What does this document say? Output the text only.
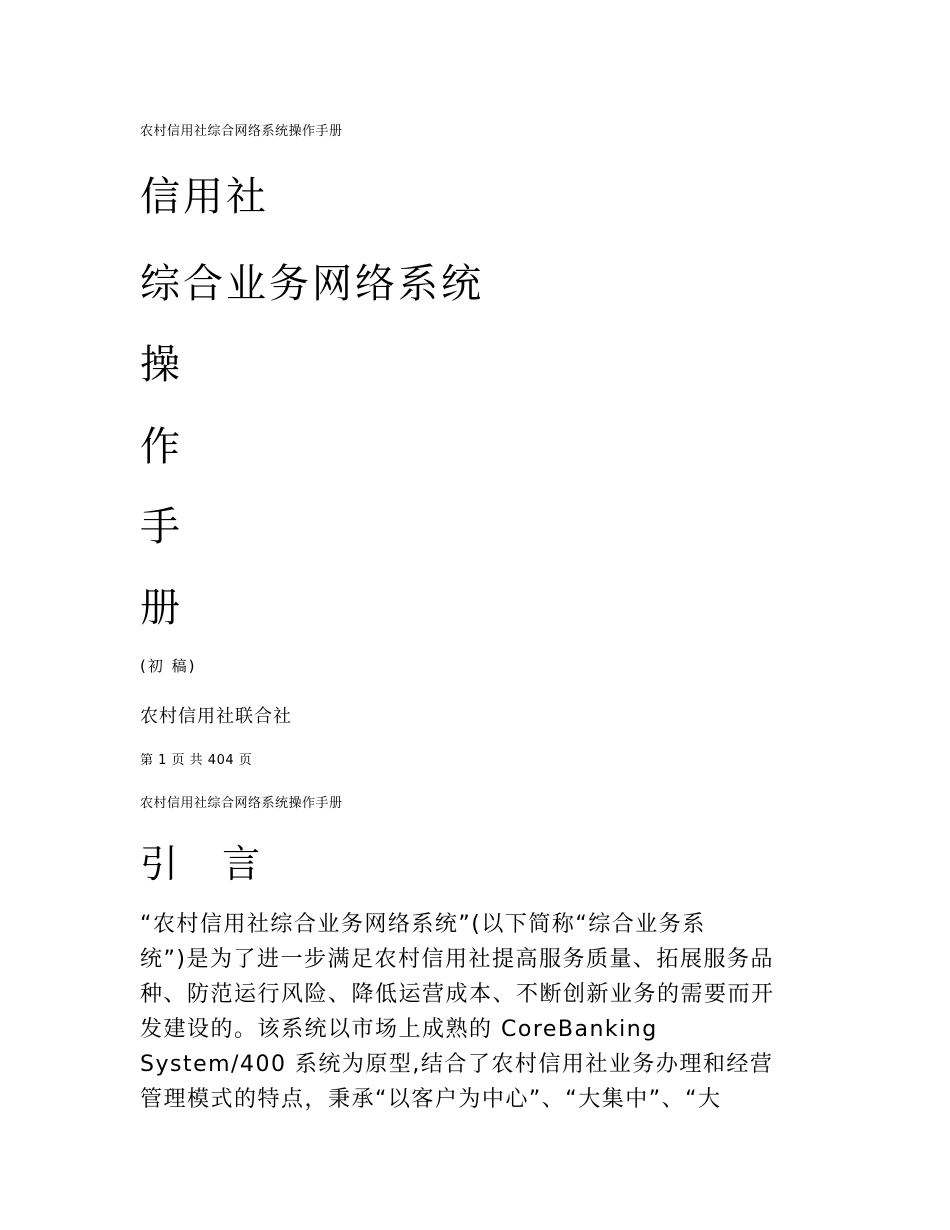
农村信用社综合网络系统操作手册

信用社

综合业务网络系统

操

作

手

册

(初 稿)

农村信用社联合社

第 1 页 共 404 页

农村信用社综合网络系统操作手册

引 言

“农村信用社综合业务网络系统”(以下简称“综合业务系
统”)是为了进一步满足农村信用社提高服务质量、拓展服务品
种、防范运行风险、降低运营成本、不断创新业务的需要而开
发建设的。该系统以市场上成熟的 CoreBanking
System/400 系统为原型,结合了农村信用社业务办理和经营
管理模式的特点，秉承“以客户为中心”、“大集中”、“大
